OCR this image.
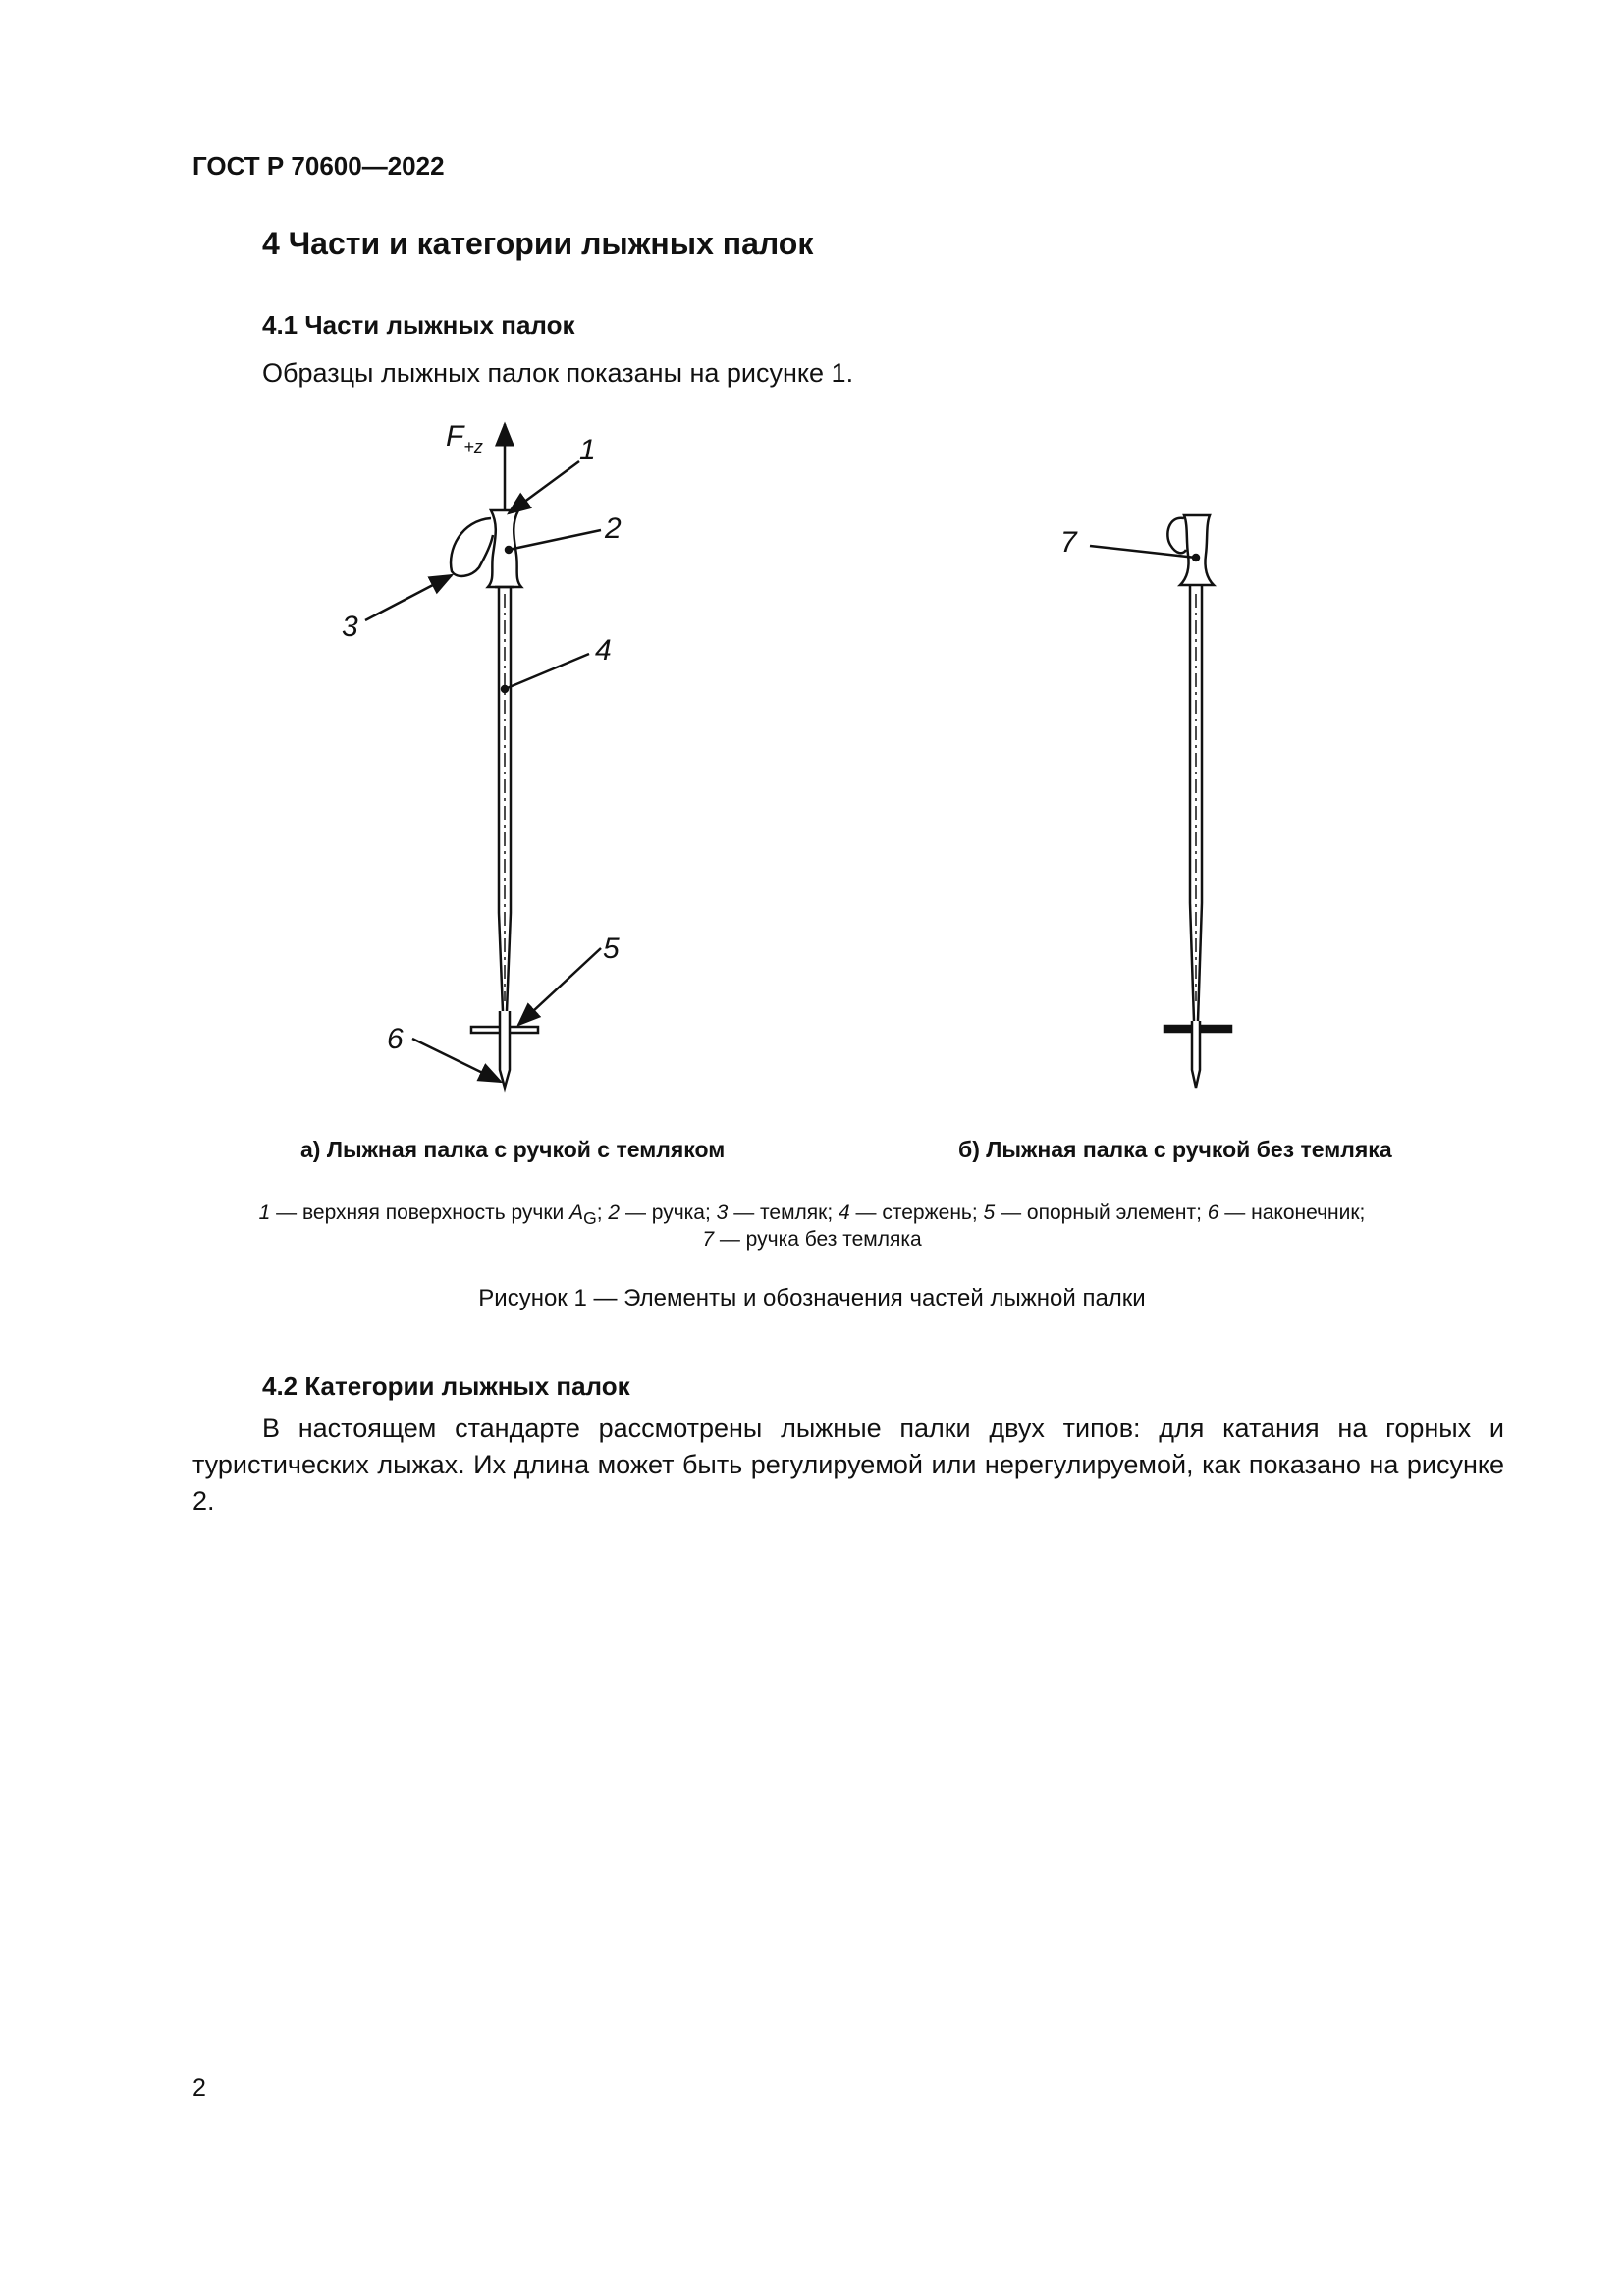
ГОСТ Р 70600—2022
4 Части и категории лыжных палок
4.1 Части лыжных палок
Образцы лыжных палок показаны на рисунке 1.
$F_{+z}$	1
2
3
4
5
6
7
а) Лыжная палка с ручкой с темляком	б) Лыжная палка с ручкой без темляка
1 — верхняя поверхность ручки $A_G$; 2 — ручка; 3 — темляк; 4 — стержень; 5 — опорный элемент; 6 — наконечник;
7 — ручка без темляка
Рисунок 1 — Элементы и обозначения частей лыжной палки
4.2 Категории лыжных палок
В настоящем стандарте рассмотрены лыжные палки двух типов: для катания на горных и туристических лыжах. Их длина может быть регулируемой или нерегулируемой, как показано на рисунке 2.
2
